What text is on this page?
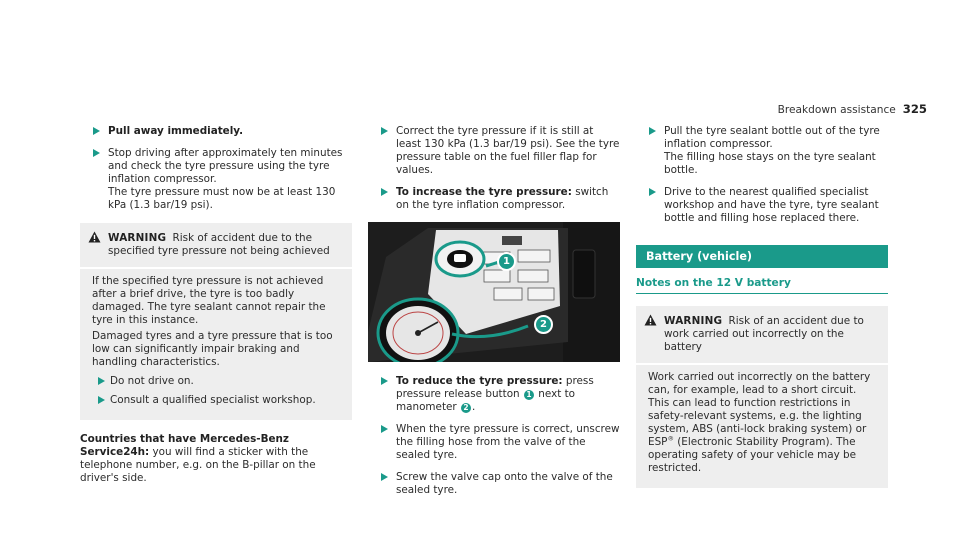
Breakdown assistance 325

Pull away immediately.

Stop driving after approximately ten minutes and check the tyre pressure using the tyre inflation compressor.
The tyre pressure must now be at least 130 kPa (1.3 bar/19 psi).

WARNING Risk of accident due to the specified tyre pressure not being achieved

If the specified tyre pressure is not achieved after a brief drive, the tyre is too badly damaged. The tyre sealant cannot repair the tyre in this instance.

Damaged tyres and a tyre pressure that is too low can significantly impair braking and handling characteristics.

Do not drive on.

Consult a qualified specialist workshop.

Countries that have Mercedes-Benz Service24h: you will find a sticker with the telephone number, e.g. on the B-pillar on the driver's side.

Correct the tyre pressure if it is still at least 130 kPa (1.3 bar/19 psi). See the tyre pressure table on the fuel filler flap for values.

To increase the tyre pressure: switch on the tyre inflation compressor.

1
2

To reduce the tyre pressure: press pressure release button 1 next to manometer 2 .

When the tyre pressure is correct, unscrew the filling hose from the valve of the sealed tyre.

Screw the valve cap onto the valve of the sealed tyre.

Pull the tyre sealant bottle out of the tyre inflation compressor.
The filling hose stays on the tyre sealant bottle.

Drive to the nearest qualified specialist workshop and have the tyre, tyre sealant bottle and filling hose replaced there.

Battery (vehicle)
Notes on the 12 V battery
WARNING Risk of an accident due to work carried out incorrectly on the battery

Work carried out incorrectly on the battery can, for example, lead to a short circuit. This can lead to function restrictions in safety-relevant systems, e.g. the lighting system, ABS (anti-lock braking system) or ESP® (Electronic Stability Program). The operating safety of your vehicle may be restricted.
